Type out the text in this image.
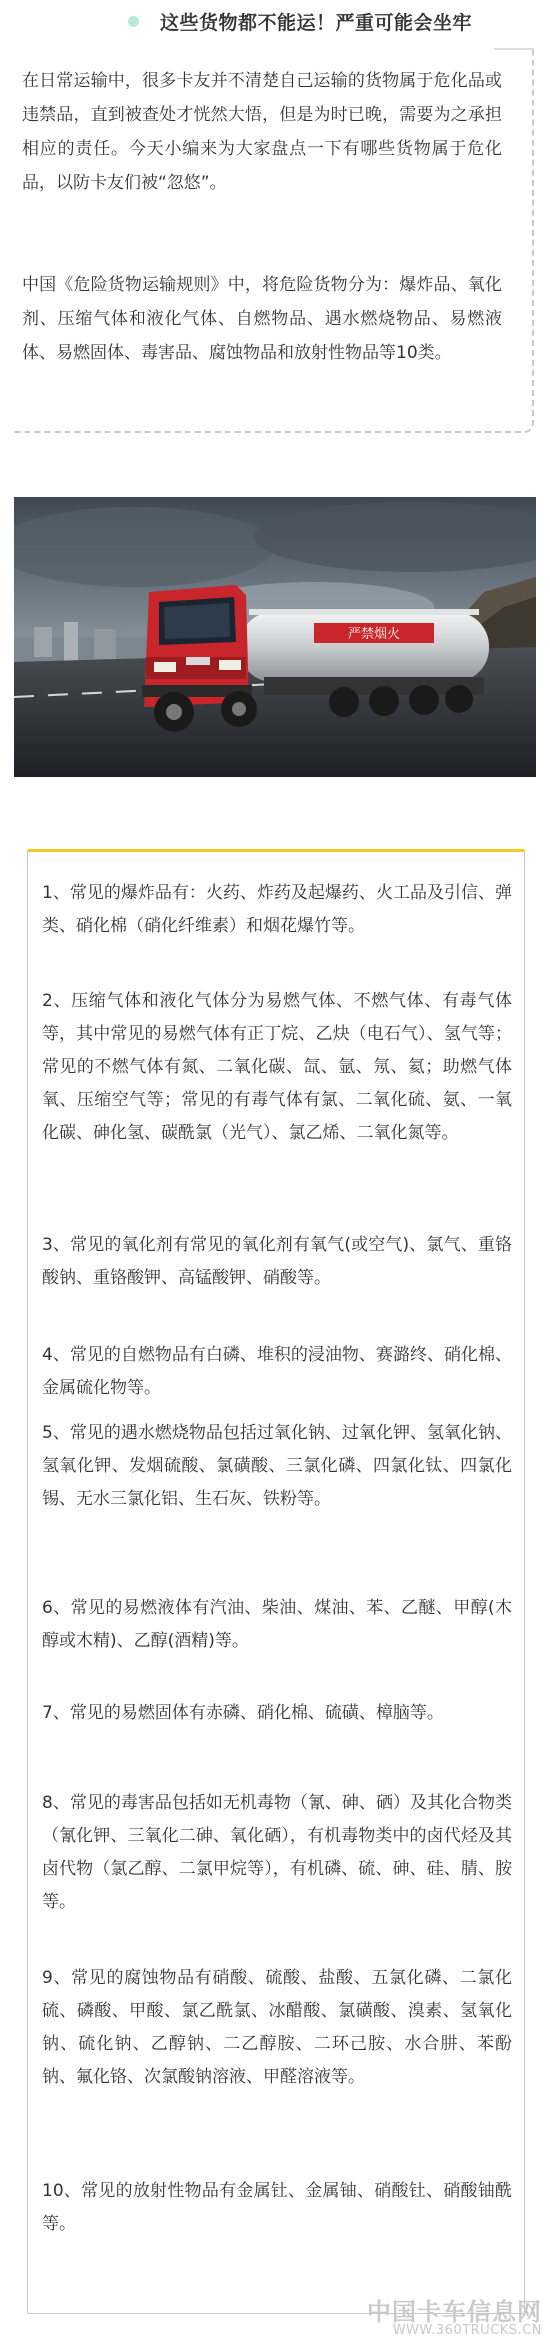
这些货物都不能运！严重可能会坐牢

在日常运输中，很多卡友并不清楚自己运输的货物属于危化品或违禁品，直到被查处才恍然大悟，但是为时已晚，需要为之承担相应的责任。今天小编来为大家盘点一下有哪些货物属于危化品，以防卡友们被“忽悠”。

中国《危险货物运输规则》中，将危险货物分为：爆炸品、氧化剂、压缩气体和液化气体、自燃物品、遇水燃烧物品、易燃液体、易燃固体、毒害品、腐蚀物品和放射性物品等10类。

严禁烟火

1、常见的爆炸品有：火药、炸药及起爆药、火工品及引信、弹类、硝化棉（硝化纤维素）和烟花爆竹等。

2、压缩气体和液化气体分为易燃气体、不燃气体、有毒气体等，其中常见的易燃气体有正丁烷、乙炔（电石气）、氢气等；常见的不燃气体有氮、二氧化碳、氙、氩、氖、氦；助燃气体氧、压缩空气等；常见的有毒气体有氯、二氧化硫、氨、一氧化碳、砷化氢、碳酰氯（光气）、氯乙烯、二氧化氮等。

3、常见的氧化剂有常见的氧化剂有氧气(或空气)、氯气、重铬酸钠、重铬酸钾、高锰酸钾、硝酸等。

4、常见的自燃物品有白磷、堆积的浸油物、赛潞终、硝化棉、金属硫化物等。

5、常见的遇水燃烧物品包括过氧化钠、过氧化钾、氢氧化钠、氢氧化钾、发烟硫酸、氯磺酸、三氯化磷、四氯化钛、四氯化锡、无水三氯化铝、生石灰、铁粉等。

6、常见的易燃液体有汽油、柴油、煤油、苯、乙醚、甲醇(木醇或木精)、乙醇(酒精)等。

7、常见的易燃固体有赤磷、硝化棉、硫磺、樟脑等。

8、常见的毒害品包括如无机毒物（氰、砷、硒）及其化合物类（氰化钾、三氧化二砷、氧化硒），有机毒物类中的卤代烃及其卤代物（氯乙醇、二氯甲烷等），有机磷、硫、砷、硅、腈、胺等。

9、常见的腐蚀物品有硝酸、硫酸、盐酸、五氯化磷、二氯化硫、磷酸、甲酸、氯乙酰氯、冰醋酸、氯磺酸、溴素、氢氧化钠、硫化钠、乙醇钠、二乙醇胺、二环己胺、水合肼、苯酚钠、氟化铬、次氯酸钠溶液、甲醛溶液等。

10、常见的放射性物品有金属钍、金属铀、硝酸钍、硝酸铀酰等。

中国卡车信息网
WWW.360TRUCKS.CN
